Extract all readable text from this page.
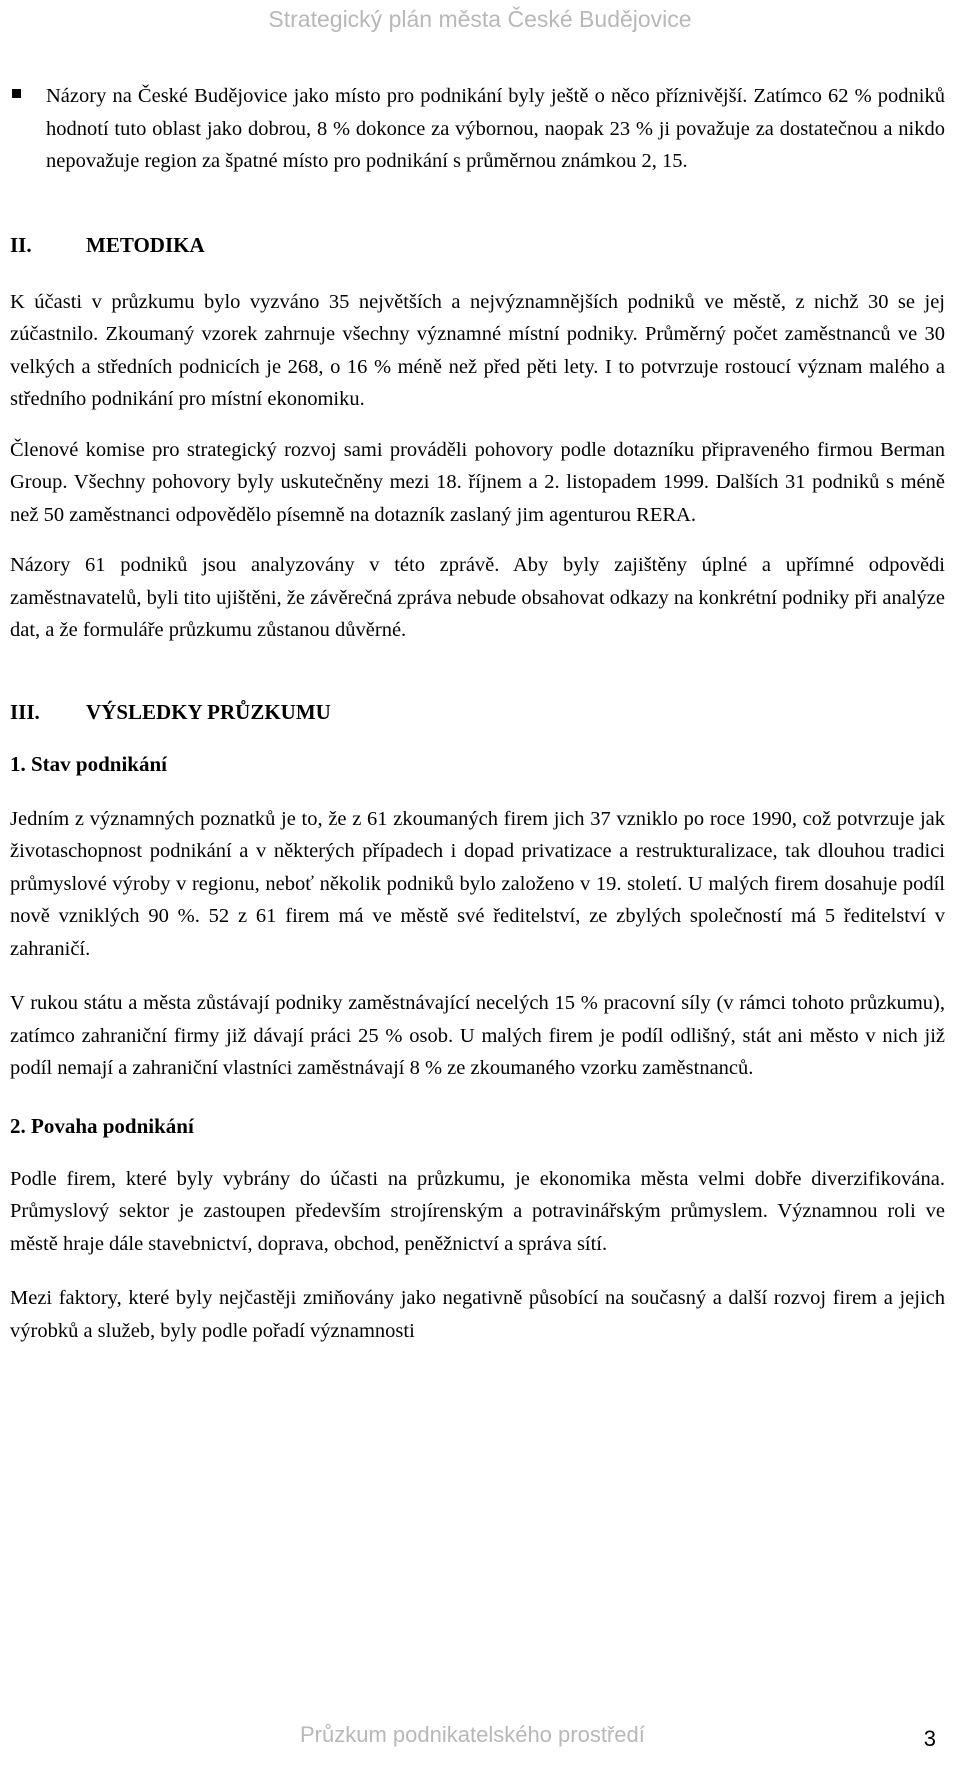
Strategický plán města České Budějovice

Názory na České Budějovice jako místo pro podnikání byly ještě o něco příznivější. Zatímco 62 % podniků hodnotí tuto oblast jako dobrou, 8 % dokonce za výbornou, naopak 23 % ji považuje za dostatečnou a nikdo nepovažuje region za špatné místo pro podnikání s průměrnou známkou 2, 15.

II.	METODIKA

K účasti v průzkumu bylo vyzváno 35 největších a nejvýznamnějších podniků ve městě, z nichž 30 se jej zúčastnilo. Zkoumaný vzorek zahrnuje všechny významné místní podniky. Průměrný počet zaměstnanců ve 30 velkých a středních podnicích je 268, o 16 % méně než před pěti lety. I to potvrzuje rostoucí význam malého a středního podnikání pro místní ekonomiku.

Členové komise pro strategický rozvoj sami prováděli pohovory podle dotazníku připraveného firmou Berman Group. Všechny pohovory byly uskutečněny mezi 18. říjnem a 2. listopadem 1999. Dalších 31 podniků s méně než 50 zaměstnanci odpovědělo písemně na dotazník zaslaný jim agenturou RERA.

Názory 61 podniků jsou analyzovány v této zprávě. Aby byly zajištěny úplné a upřímné odpovědi zaměstnavatelů, byli tito ujištěni, že závěrečná zpráva nebude obsahovat odkazy na konkrétní podniky při analýze dat, a že formuláře průzkumu zůstanou důvěrné.

III. VÝSLEDKY PRŮZKUMU
1. Stav podnikání

Jedním z významných poznatků je to, že z 61 zkoumaných firem jich 37 vzniklo po roce 1990, což potvrzuje jak životaschopnost podnikání a v některých případech i dopad privatizace a restrukturalizace, tak dlouhou tradici průmyslové výroby v regionu, neboť několik podniků bylo založeno v 19. století. U malých firem dosahuje podíl nově vzniklých 90 %. 52 z 61 firem má ve městě své ředitelství, ze zbylých společností má 5 ředitelství v zahraničí.

V rukou státu a města zůstávají podniky zaměstnávající necelých 15 % pracovní síly (v rámci tohoto průzkumu), zatímco zahraniční firmy již dávají práci 25 % osob. U malých firem je podíl odlišný, stát ani město v nich již podíl nemají a zahraniční vlastníci zaměstnávají 8 % ze zkoumaného vzorku zaměstnanců.

2. Povaha podnikání

Podle firem, které byly vybrány do účasti na průzkumu, je ekonomika města velmi dobře diverzifikována. Průmyslový sektor je zastoupen především strojírenským a potravinářským průmyslem. Významnou roli ve městě hraje dále stavebnictví, doprava, obchod, peněžnictví a správa sítí.

Mezi faktory, které byly nejčastěji zmiňovány jako negativně působící na současný a další rozvoj firem a jejich výrobků a služeb, byly podle pořadí významnosti

Průzkum podnikatelského prostředí	3
